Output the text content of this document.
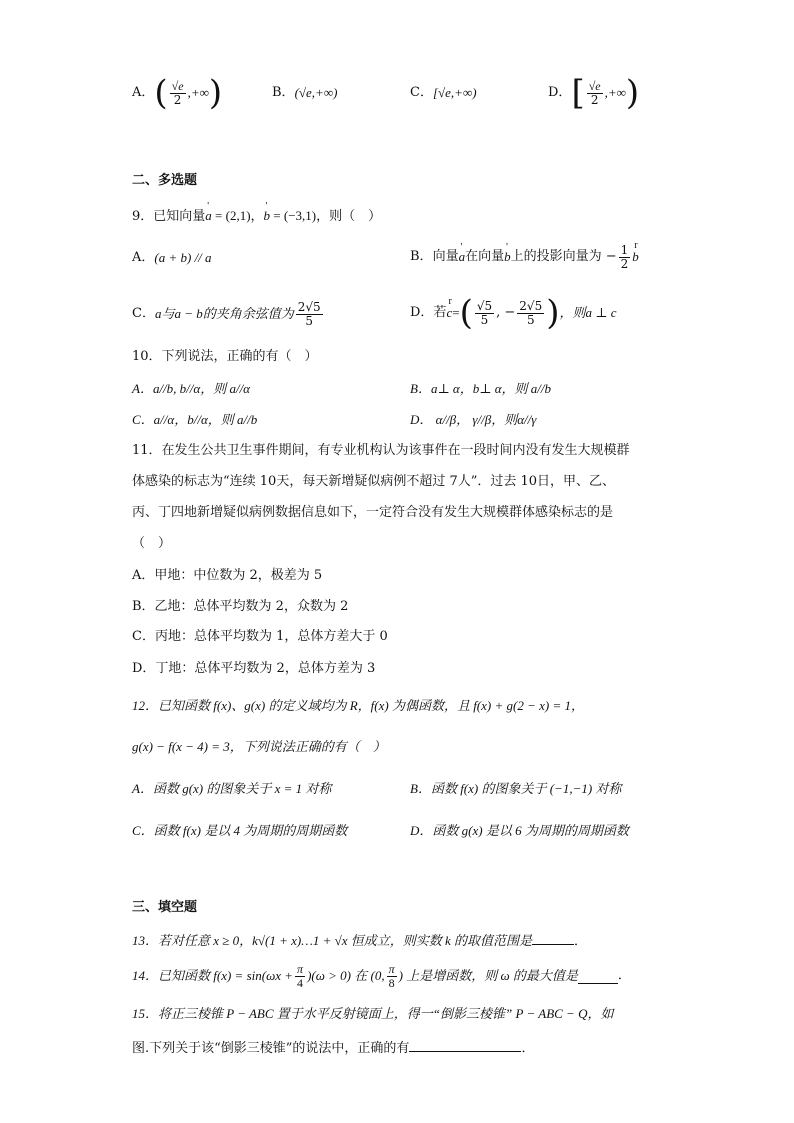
A． ( $\frac{√e}{2}$ ,+∞ )	B． (√e,+∞)	C． [√e,+∞)	D． [ $\frac{√e}{2}$ ,+∞ )
二、多选题
9．已知向量' a = (2,1)，' b = (−3,1)，则（　）
A． (a + b) // a	B． 向量 ' a 在向量 ' b 上的投影向量为 − $\frac{1}{2}$ r b
C． a与a − b的夹角余弦值为 $\frac{2√5}{5}$	D． 若 r c = ( $\frac{√5}{5}$ , − $\frac{2√5}{5}$ ) ，则a ⊥ c
10．下列说法，正确的有（　）
A．a//b, b//α，则 a//α	B．a⊥ α，b⊥ α，则 a//b
C．a//α，b//α，则 a//b	D． α//β， γ//β，则α//γ
11．在发生公共卫生事件期间，有专业机构认为该事件在一段时间内没有发生大规模群
体感染的标志为“连续 10天，每天新增疑似病例不超过 7人”．过去 10日，甲、乙、
丙、丁四地新增疑似病例数据信息如下，一定符合没有发生大规模群体感染标志的是
（　）
A．甲地：中位数为 2，极差为 5
B．乙地：总体平均数为 2，众数为 2
C．丙地：总体平均数为 1，总体方差大于 0
D．丁地：总体平均数为 2，总体方差为 3
12．已知函数 f(x)、g(x) 的定义域均为 R，f(x) 为偶函数，且 f(x) + g(2 − x) = 1，
g(x) − f(x − 4) = 3，下列说法正确的有（　）
A．函数 g(x) 的图象关于 x = 1 对称	B．函数 f(x) 的图象关于 (−1,−1) 对称
C．函数 f(x) 是以 4 为周期的周期函数	D．函数 g(x) 是以 6 为周期的周期函数
三、填空题
13．若对任意 x ≥ 0，k√(1 + x)…1 + √x 恒成立，则实数 k 的取值范围是	．
14．已知函数 $f(x) = \sin(\omega x + \frac{\pi}{4} )(\omega > 0)$ 在 (0, $\frac{\pi}{8}$ ) 上是增函数，则 ω 的最大值是	．
15．将正三棱锥 P − ABC 置于水平反射镜面上，得一“倒影三棱锥” P − ABC − Q，如
图.下列关于该“倒影三棱锥”的说法中，正确的有	．
